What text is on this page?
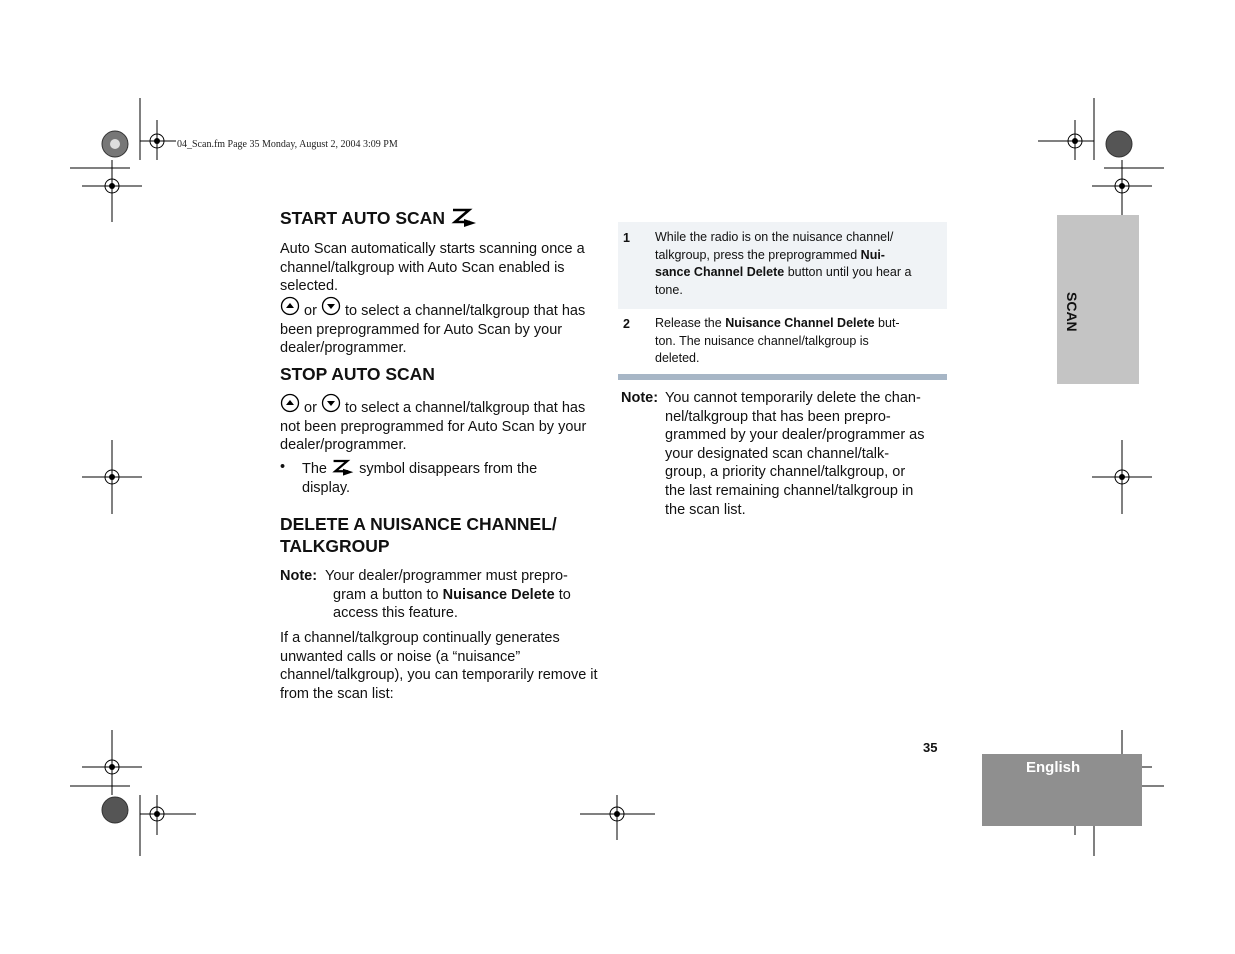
04_Scan.fm Page 35 Monday, August 2, 2004 3:09 PM
START AUTO SCAN
Auto Scan automatically starts scanning once a channel/talkgroup with Auto Scan enabled is selected.
or to select a channel/talkgroup that has been preprogrammed for Auto Scan by your dealer/programmer.
STOP AUTO SCAN
or to select a channel/talkgroup that has not been preprogrammed for Auto Scan by your dealer/programmer.
• The symbol disappears from the display.
DELETE A NUISANCE CHANNEL/
TALKGROUP
Note: Your dealer/programmer must prepro-
gram a button to Nuisance Delete to
access this feature.
If a channel/talkgroup continually generates unwanted calls or noise (a “nuisance” channel/talkgroup), you can temporarily remove it from the scan list:
1 While the radio is on the nuisance channel/
talkgroup, press the preprogrammed Nui-
sance Channel Delete button until you hear a
tone.
2 Release the Nuisance Channel Delete but-
ton. The nuisance channel/talkgroup is
deleted.
Note: You cannot temporarily delete the chan-
nel/talkgroup that has been prepro-
grammed by your dealer/programmer as
your designated scan channel/talk-
group, a priority channel/talkgroup, or
the last remaining channel/talkgroup in
the scan list.
SCAN
35
English
